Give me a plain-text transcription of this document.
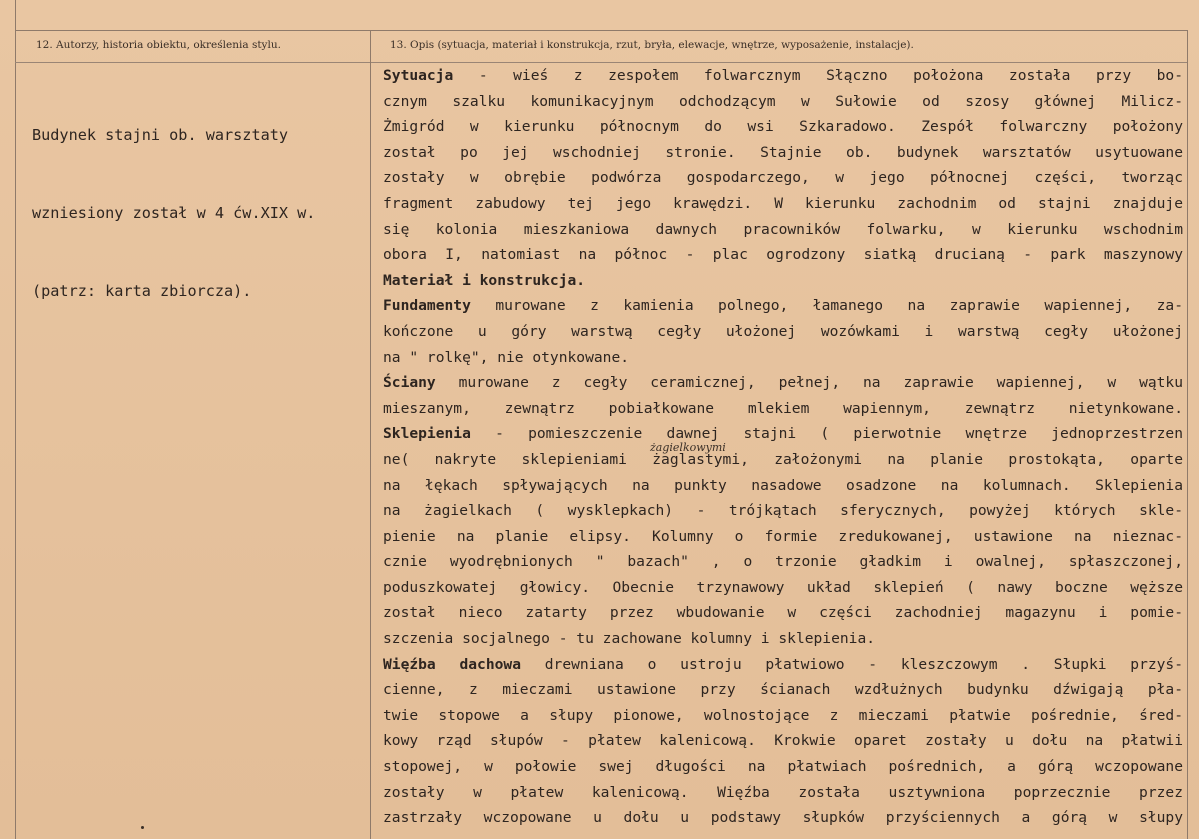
12. Autorzy, historia obiektu, określenia stylu.	13. Opis (sytuacja, materiał i konstrukcja, rzut, bryła, elewacje, wnętrze, wyposażenie, instalacje).

Budynek stajni ob. warsztaty

wzniesiony został w 4 ćw.XIX w.

(patrz: karta zbiorcza).

Sytuacja - wieś z zespołem folwarcznym Słączno położona została przy bo-
cznym szalku komunikacyjnym odchodzącym w Sułowie od szosy głównej Milicz-
Żmigród w kierunku północnym do wsi Szkaradowo. Zespół folwarczny położony
został po jej wschodniej stronie. Stajnie ob. budynek warsztatów usytuowane
zostały w obrębie podwórza gospodarczego, w jego północnej części, tworząc
fragment zabudowy tej jego krawędzi. W kierunku zachodnim od stajni znajduje
się kolonia mieszkaniowa dawnych pracowników folwarku, w kierunku wschodnim
obora I, natomiast na północ - plac ogrodzony siatką drucianą - park maszynowy
Materiał i konstrukcja.
Fundamenty murowane z kamienia polnego, łamanego na zaprawie wapiennej, za-
kończone u góry warstwą cegły ułożonej wozówkami i warstwą cegły ułożonej
na " rolkę", nie otynkowane.
Ściany murowane z cegły ceramicznej, pełnej, na zaprawie wapiennej, w wątku
mieszanym, zewnątrz pobiałkowane mlekiem wapiennym, zewnątrz nietynkowane.
Sklepienia - pomieszczenie dawnej stajni ( pierwotnie wnętrze jednoprzestrzen
ne( nakryte sklepieniami żaglastymi, założonymi na planie prostokąta, oparte
na łękach spływających na punkty nasadowe osadzone na kolumnach. Sklepienia
na żagielkach ( wysklepkach) - trójkątach sferycznych, powyżej których skle-
pienie na planie elipsy. Kolumny o formie zredukowanej, ustawione na nieznac-
cznie wyodrębnionych " bazach" , o trzonie gładkim i owalnej, spłaszczonej,
poduszkowatej głowicy. Obecnie trzynawowy układ sklepień ( nawy boczne węższe
został nieco zatarty przez wbudowanie w części zachodniej magazynu i pomie-
szczenia socjalnego - tu zachowane kolumny i sklepienia.
Więźba dachowa drewniana o ustroju płatwiowo - kleszczowym . Słupki przyś-
cienne, z mieczami ustawione przy ścianach wzdłużnych budynku dźwigają pła-
twie stopowe a słupy pionowe, wolnostojące z mieczami płatwie pośrednie, śred-
kowy rząd słupów - płatew kalenicową. Krokwie oparet zostały u dołu na płatwii
stopowej, w połowie swej długości na płatwiach pośrednich, a górą wczopowane
zostały w płatew kalenicową. Więźba została usztywniona poprzecznie przez
zastrzały wczopowane u dołu u podstawy słupków przyściennych a górą w słupy
żagielkowymi
